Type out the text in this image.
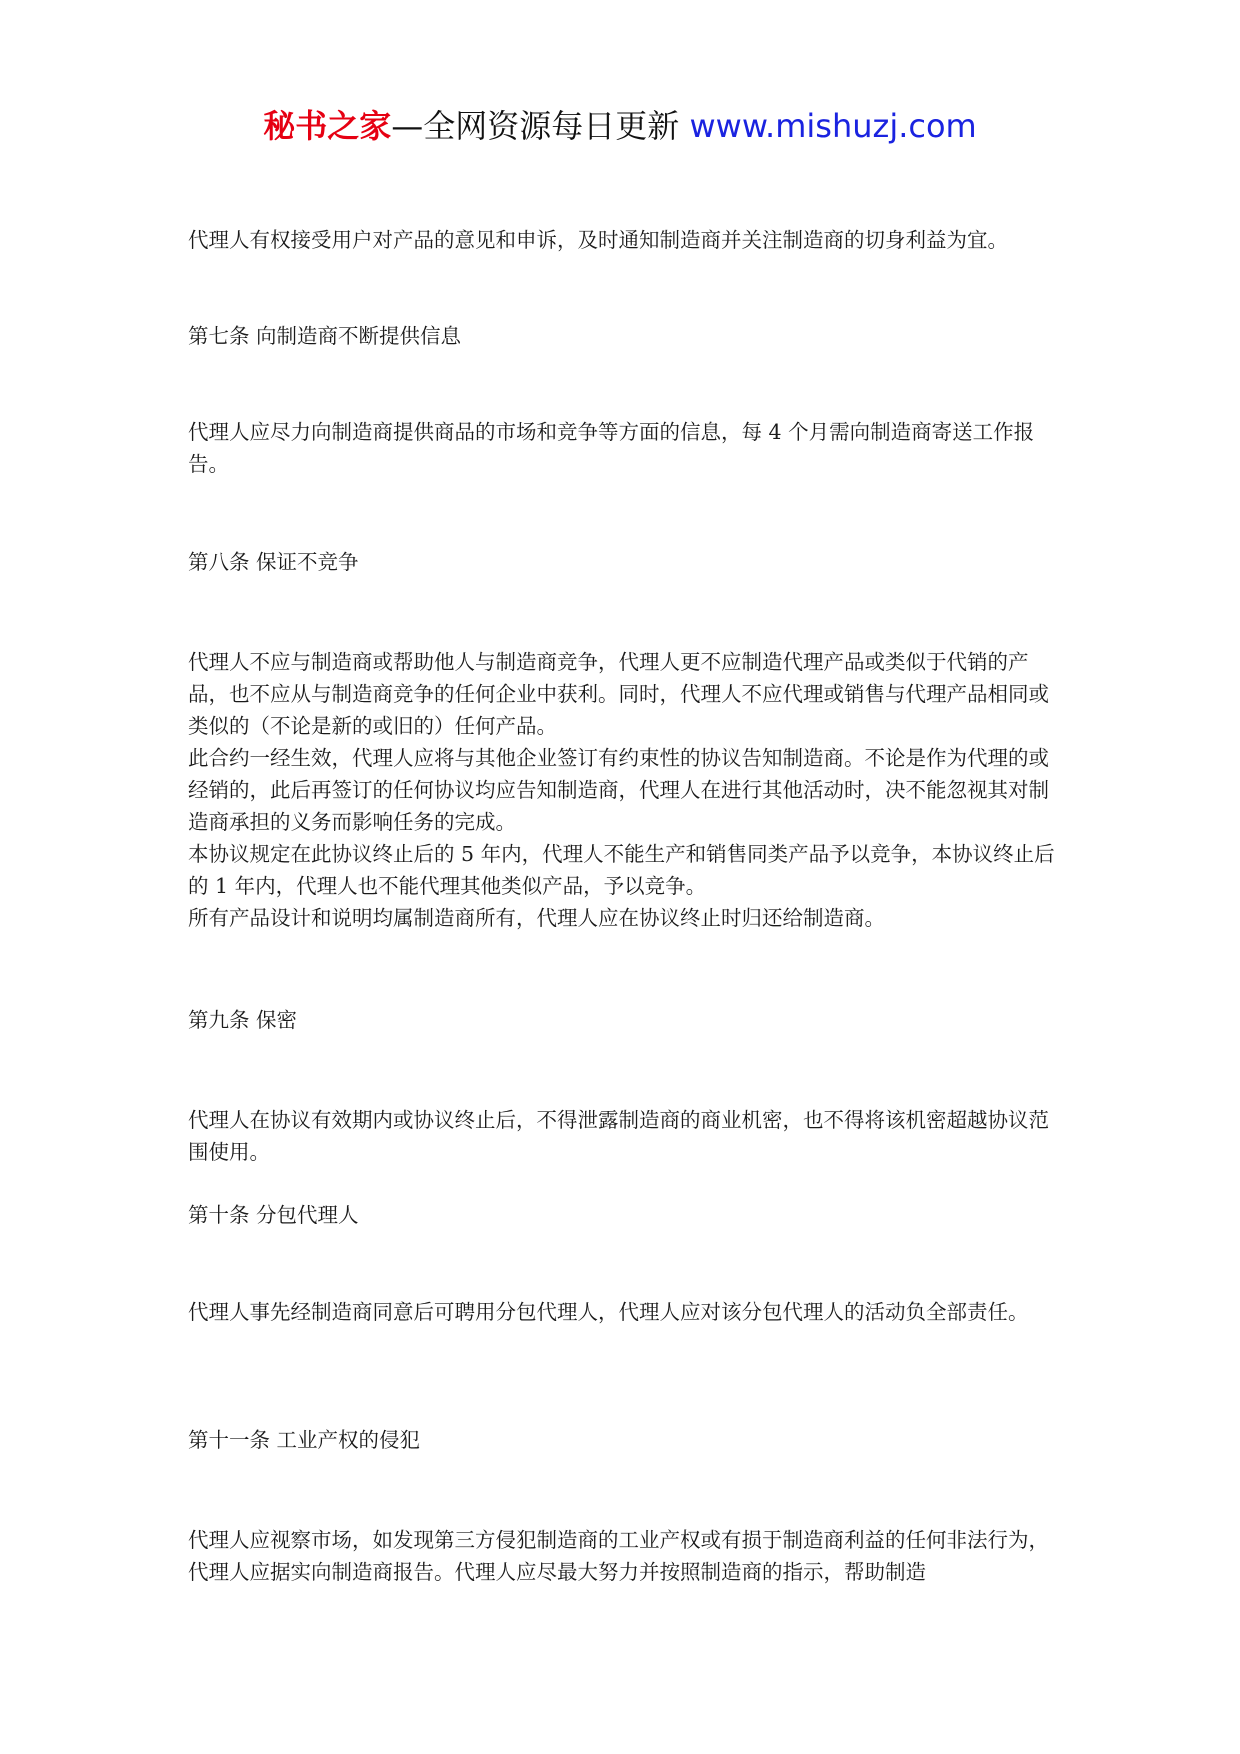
秘书之家—全网资源每日更新 www.mishuzj.com

代理人有权接受用户对产品的意见和申诉，及时通知制造商并关注制造商的切身利益为宜。

第七条 向制造商不断提供信息

代理人应尽力向制造商提供商品的市场和竞争等方面的信息，每 4 个月需向制造商寄送工作报告。

第八条 保证不竞争

代理人不应与制造商或帮助他人与制造商竞争，代理人更不应制造代理产品或类似于代销的产品，也不应从与制造商竞争的任何企业中获利。同时，代理人不应代理或销售与代理产品相同或类似的（不论是新的或旧的）任何产品。

此合约一经生效，代理人应将与其他企业签订有约束性的协议告知制造商。不论是作为代理的或经销的，此后再签订的任何协议均应告知制造商，代理人在进行其他活动时，决不能忽视其对制造商承担的义务而影响任务的完成。

本协议规定在此协议终止后的 5 年内，代理人不能生产和销售同类产品予以竞争，本协议终止后的 1 年内，代理人也不能代理其他类似产品，予以竞争。

所有产品设计和说明均属制造商所有，代理人应在协议终止时归还给制造商。

第九条 保密

代理人在协议有效期内或协议终止后，不得泄露制造商的商业机密，也不得将该机密超越协议范围使用。

第十条 分包代理人

代理人事先经制造商同意后可聘用分包代理人，代理人应对该分包代理人的活动负全部责任。

第十一条 工业产权的侵犯

代理人应视察市场，如发现第三方侵犯制造商的工业产权或有损于制造商利益的任何非法行为，代理人应据实向制造商报告。代理人应尽最大努力并按照制造商的指示，帮助制造
